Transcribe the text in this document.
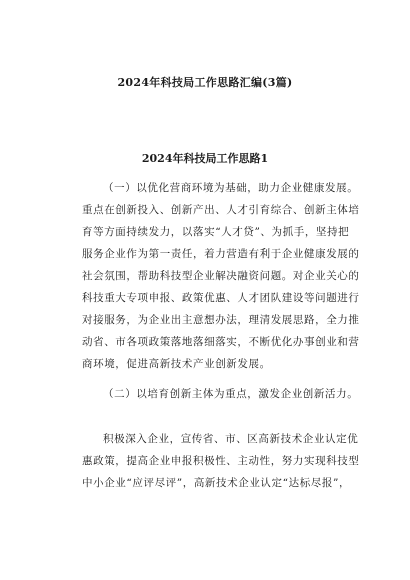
2024年科技局工作思路汇编(3篇)
2024年科技局工作思路1
（一）以优化营商环境为基础，助力企业健康发展。
重点在创新投入、创新产出、人才引育综合、创新主体培
育等方面持续发力，以落实“人才贷”、为抓手，坚持把
服务企业作为第一责任，着力营造有利于企业健康发展的
社会氛围，帮助科技型企业解决融资问题。对企业关心的
科技重大专项申报、政策优惠、人才团队建设等问题进行
对接服务，为企业出主意想办法，理清发展思路，全力推
动省、市各项政策落地落细落实，不断优化办事创业和营
商环境，促进高新技术产业创新发展。
（二）以培育创新主体为重点，激发企业创新活力。
积极深入企业，宣传省、市、区高新技术企业认定优
惠政策，提高企业申报积极性、主动性，努力实现科技型
中小企业“应评尽评”，高新技术企业认定“达标尽报”，
